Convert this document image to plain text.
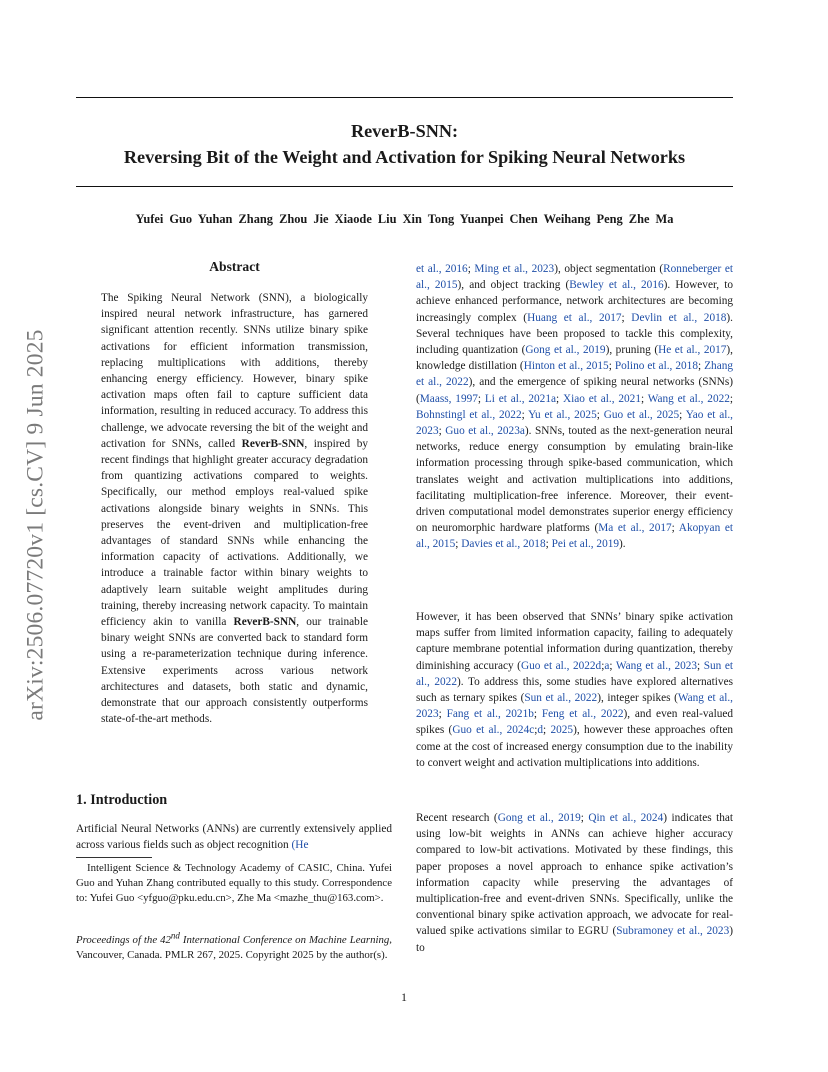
ReverB-SNN:
Reversing Bit of the Weight and Activation for Spiking Neural Networks
Yufei Guo Yuhan Zhang Zhou Jie Xiaode Liu Xin Tong Yuanpei Chen Weihang Peng Zhe Ma
arXiv:2506.07720v1 [cs.CV] 9 Jun 2025
Abstract
The Spiking Neural Network (SNN), a biologically inspired neural network infrastructure, has garnered significant attention recently. SNNs utilize binary spike activations for efficient information transmission, replacing multiplications with additions, thereby enhancing energy efficiency. However, binary spike activation maps often fail to capture sufficient data information, resulting in reduced accuracy. To address this challenge, we advocate reversing the bit of the weight and activation for SNNs, called ReverB-SNN, inspired by recent findings that highlight greater accuracy degradation from quantizing activations compared to weights. Specifically, our method employs real-valued spike activations alongside binary weights in SNNs. This preserves the event-driven and multiplication-free advantages of standard SNNs while enhancing the information capacity of activations. Additionally, we introduce a trainable factor within binary weights to adaptively learn suitable weight amplitudes during training, thereby increasing network capacity. To maintain efficiency akin to vanilla ReverB-SNN, our trainable binary weight SNNs are converted back to standard form using a re-parameterization technique during inference. Extensive experiments across various network architectures and datasets, both static and dynamic, demonstrate that our approach consistently outperforms state-of-the-art methods.
1. Introduction
Artificial Neural Networks (ANNs) are currently extensively applied across various fields such as object recognition (He

Intelligent Science & Technology Academy of CASIC, China. Yufei Guo and Yuhan Zhang contributed equally to this study. Correspondence to: Yufei Guo <yfguo@pku.edu.cn>, Zhe Ma <mazhe_thu@163.com>.

Proceedings of the 42nd International Conference on Machine Learning, Vancouver, Canada. PMLR 267, 2025. Copyright 2025 by the author(s).
et al., 2016; Ming et al., 2023), object segmentation (Ronneberger et al., 2015), and object tracking (Bewley et al., 2016). However, to achieve enhanced performance, network architectures are becoming increasingly complex (Huang et al., 2017; Devlin et al., 2018). Several techniques have been proposed to tackle this complexity, including quantization (Gong et al., 2019), pruning (He et al., 2017), knowledge distillation (Hinton et al., 2015; Polino et al., 2018; Zhang et al., 2022), and the emergence of spiking neural networks (SNNs) (Maass, 1997; Li et al., 2021a; Xiao et al., 2021; Wang et al., 2022; Bohnstingl et al., 2022; Yu et al., 2025; Guo et al., 2025; Yao et al., 2023; Guo et al., 2023a). SNNs, touted as the next-generation neural networks, reduce energy consumption by emulating brain-like information processing through spike-based communication, which translates weight and activation multiplications into additions, facilitating multiplication-free inference. Moreover, their event-driven computational model demonstrates superior energy efficiency on neuromorphic hardware platforms (Ma et al., 2017; Akopyan et al., 2015; Davies et al., 2018; Pei et al., 2019).
However, it has been observed that SNNs’ binary spike activation maps suffer from limited information capacity, failing to adequately capture membrane potential information during quantization, thereby diminishing accuracy (Guo et al., 2022d;a; Wang et al., 2023; Sun et al., 2022). To address this, some studies have explored alternatives such as ternary spikes (Sun et al., 2022), integer spikes (Wang et al., 2023; Fang et al., 2021b; Feng et al., 2022), and even real-valued spikes (Guo et al., 2024c;d; 2025), however these approaches often come at the cost of increased energy consumption due to the inability to convert weight and activation multiplications into additions.
Recent research (Gong et al., 2019; Qin et al., 2024) indicates that using low-bit weights in ANNs can achieve higher accuracy compared to low-bit activations. Motivated by these findings, this paper proposes a novel approach to enhance spike activation’s information capacity while preserving the advantages of multiplication-free and event-driven SNNs. Specifically, unlike the conventional binary spike activation approach, we advocate for real-valued spike activations similar to EGRU (Subramoney et al., 2023) to
1
